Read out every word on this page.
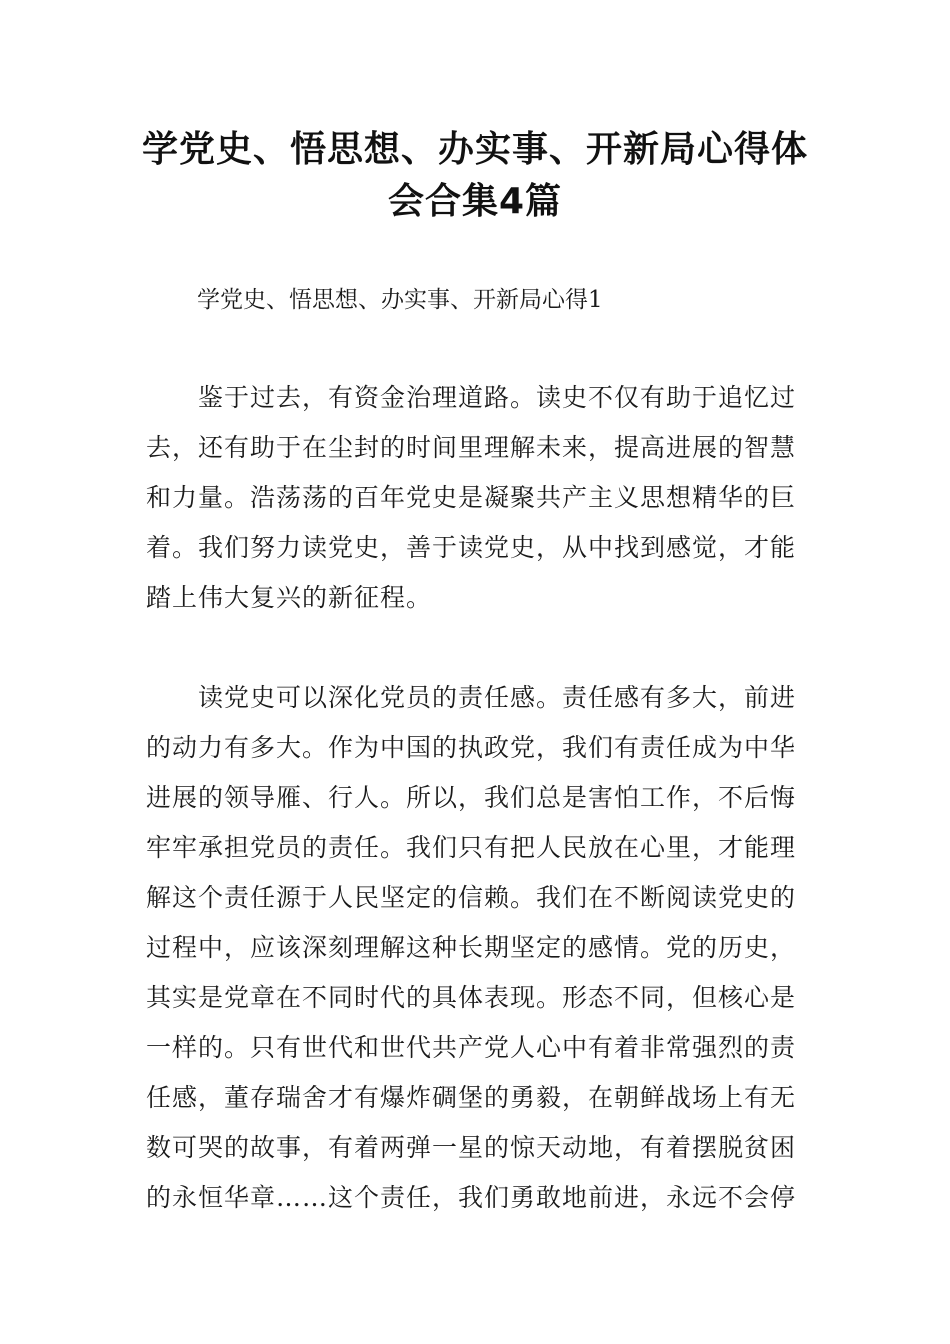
学党史、悟思想、办实事、开新局心得体
会合集4篇

学党史、悟思想、办实事、开新局心得1

鉴于过去，有资金治理道路。读史不仅有助于追忆过
去，还有助于在尘封的时间里理解未来，提高进展的智慧
和力量。浩荡荡的百年党史是凝聚共产主义思想精华的巨
着。我们努力读党史，善于读党史，从中找到感觉，才能
踏上伟大复兴的新征程。
读党史可以深化党员的责任感。责任感有多大，前进
的动力有多大。作为中国的执政党，我们有责任成为中华
进展的领导雁、行人。所以，我们总是害怕工作，不后悔
牢牢承担党员的责任。我们只有把人民放在心里，才能理
解这个责任源于人民坚定的信赖。我们在不断阅读党史的
过程中，应该深刻理解这种长期坚定的感情。党的历史，
其实是党章在不同时代的具体表现。形态不同，但核心是
一样的。只有世代和世代共产党人心中有着非常强烈的责
任感，董存瑞舍才有爆炸碉堡的勇毅，在朝鲜战场上有无
数可哭的故事，有着两弹一星的惊天动地，有着摆脱贫困
的永恒华章……这个责任，我们勇敢地前进，永远不会停
